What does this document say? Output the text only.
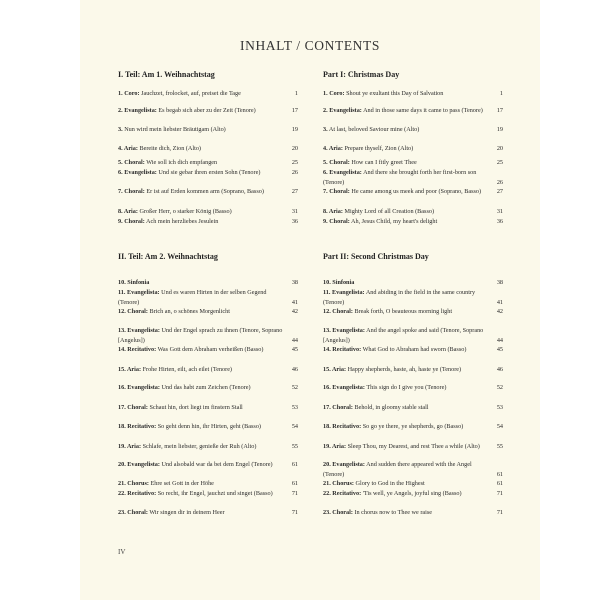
INHALT / CONTENTS
I. Teil: Am 1. Weihnachtstag
1. Coro: Jauchzet, frolocket, auf, preiset die Tage	1
2. Evangelista: Es begab sich aber zu der Zeit (Tenore)	17
3. Nun wird mein liebster Bräutigam (Alto)	19
4. Aria: Bereite dich, Zion (Alto)	20
5. Choral: Wie soll ich dich empfangen	25
6. Evangelista: Und sie gebar ihren ersten Sohn (Tenore)	26
7. Choral: Er ist auf Erden kommen arm (Soprano, Basso)	27
8. Aria: Großer Herr, o starker König (Basso)	31
9. Choral: Ach mein herzliebes Jesulein	36
II. Teil: Am 2. Weihnachtstag
10. Sinfonia	38
11. Evangelista: Und es waren Hirten in der selben Gegend (Tenore)	41
12. Choral: Brich an, o schönes Morgenlicht	42
13. Evangelista: Und der Engel sprach zu ihnen (Tenore, Soprano [Angelus])	44
14. Recitativo: Was Gott dem Abraham verheißen (Basso)	45
15. Aria: Frohe Hirten, eilt, ach eilet (Tenore)	46
16. Evangelista: Und das habt zum Zeichen (Tenore)	52
17. Choral: Schaut hin, dort liegt im finstern Stall	53
18. Recitativo: So geht denn hin, ihr Hirten, geht (Basso)	54
19. Aria: Schlafe, mein liebster, genieße der Ruh (Alto)	55
20. Evangelista: Und alsobald war da bei dem Engel (Tenore)	61
21. Chorus: Ehre sei Gott in der Höhe	61
22. Recitativo: So recht, ihr Engel, jauchzt und singet (Basso)	71
23. Choral: Wir singen dir in deinem Heer	71
Part I: Christmas Day
1. Coro: Shout ye exultant this Day of Salvation	1
2. Evangelista: And in those same days it came to pass (Tenore)	17
3. At last, beloved Saviour mine (Alto)	19
4. Aria: Prepare thyself, Zion (Alto)	20
5. Choral: How can I fitly greet Thee	25
6. Evangelista: And there she brought forth her first-born son (Tenore)	26
7. Choral: He came among us meek and poor (Soprano, Basso)	27
8. Aria: Mighty Lord of all Creation (Basso)	31
9. Choral: Ah, Jesus Child, my heart's delight	36
Part II: Second Christmas Day
10. Sinfonia	38
11. Evangelista: And abiding in the field in the same country (Tenore)	41
12. Choral: Break forth, O beauteous morning light	42
13. Evangelista: And the angel spoke and said (Tenore, Soprano [Angelus])	44
14. Recitativo: What God to Abraham had sworn (Basso)	45
15. Aria: Happy shepherds, haste, ah, haste ye (Tenore)	46
16. Evangelista: This sign do I give you (Tenore)	52
17. Choral: Behold, in gloomy stable stall	53
18. Recitativo: So go ye there, ye shepherds, go (Basso)	54
19. Aria: Sleep Thou, my Dearest, and rest Thee a while (Alto)	55
20. Evangelista: And sudden there appeared with the Angel (Tenore)	61
21. Chorus: Glory to God in the Highest	61
22. Recitativo: 'Tis well, ye Angels, joyful sing (Basso)	71
23. Choral: In chorus now to Thee we raise	71
IV
